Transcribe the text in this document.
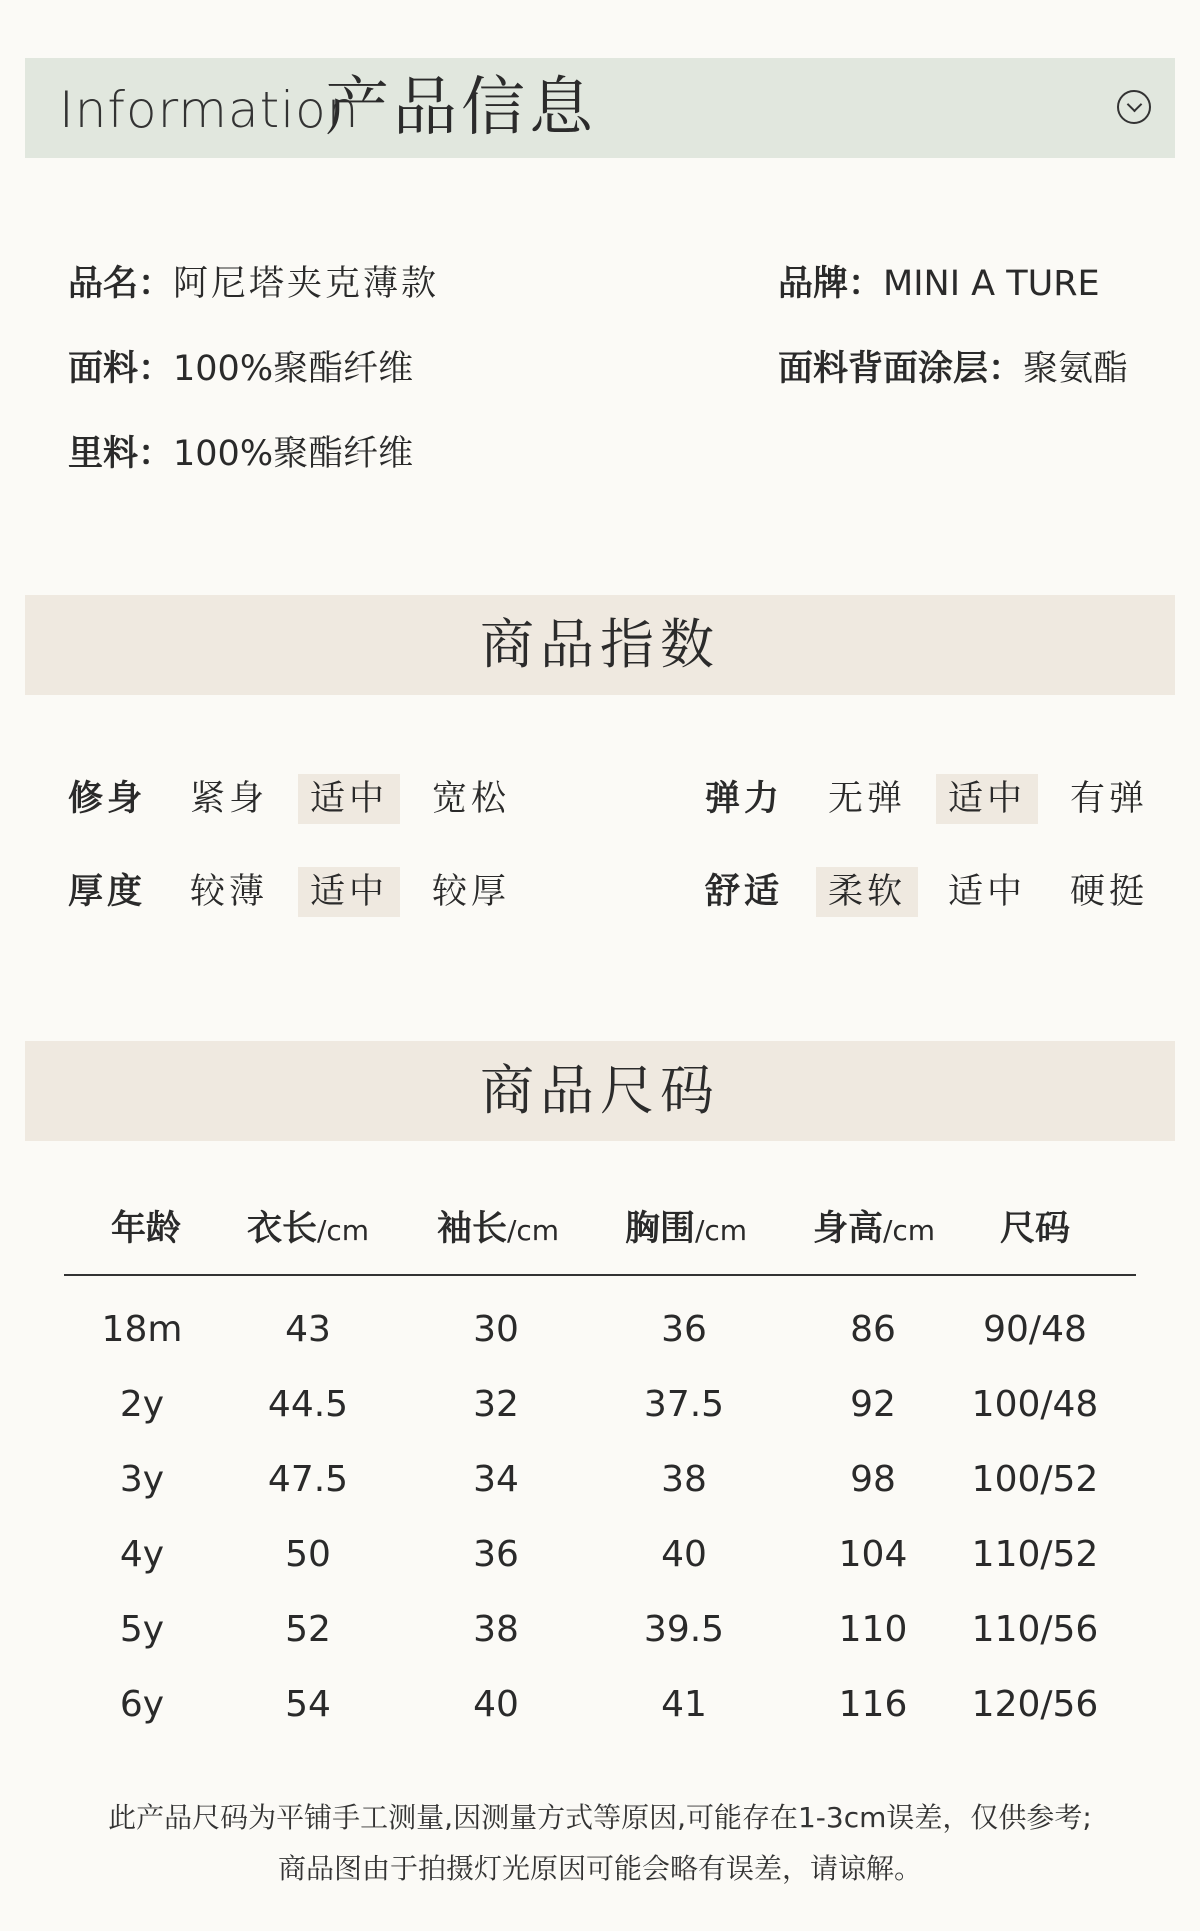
Information
产品信息
品名：阿尼塔夹克薄款	品牌：MINI A TURE
面料：100%聚酯纤维	面料背面涂层：聚氨酯
里料：100%聚酯纤维
商品指数
修身	紧身	适中	宽松	弹力	无弹	适中	有弹
厚度	较薄	适中	较厚	舒适	柔软	适中	硬挺
商品尺码
年龄	衣长/cm	袖长/cm	胸围/cm	身高/cm	尺码
18m	43	30	36	86	90/48
2y	44.5	32	37.5	92	100/48
3y	47.5	34	38	98	100/52
4y	50	36	40	104	110/52
5y	52	38	39.5	110	110/56
6y	54	40	41	116	120/56
此产品尺码为平铺手工测量,因测量方式等原因,可能存在1-3cm误差，仅供参考;
商品图由于拍摄灯光原因可能会略有误差，请谅解。
